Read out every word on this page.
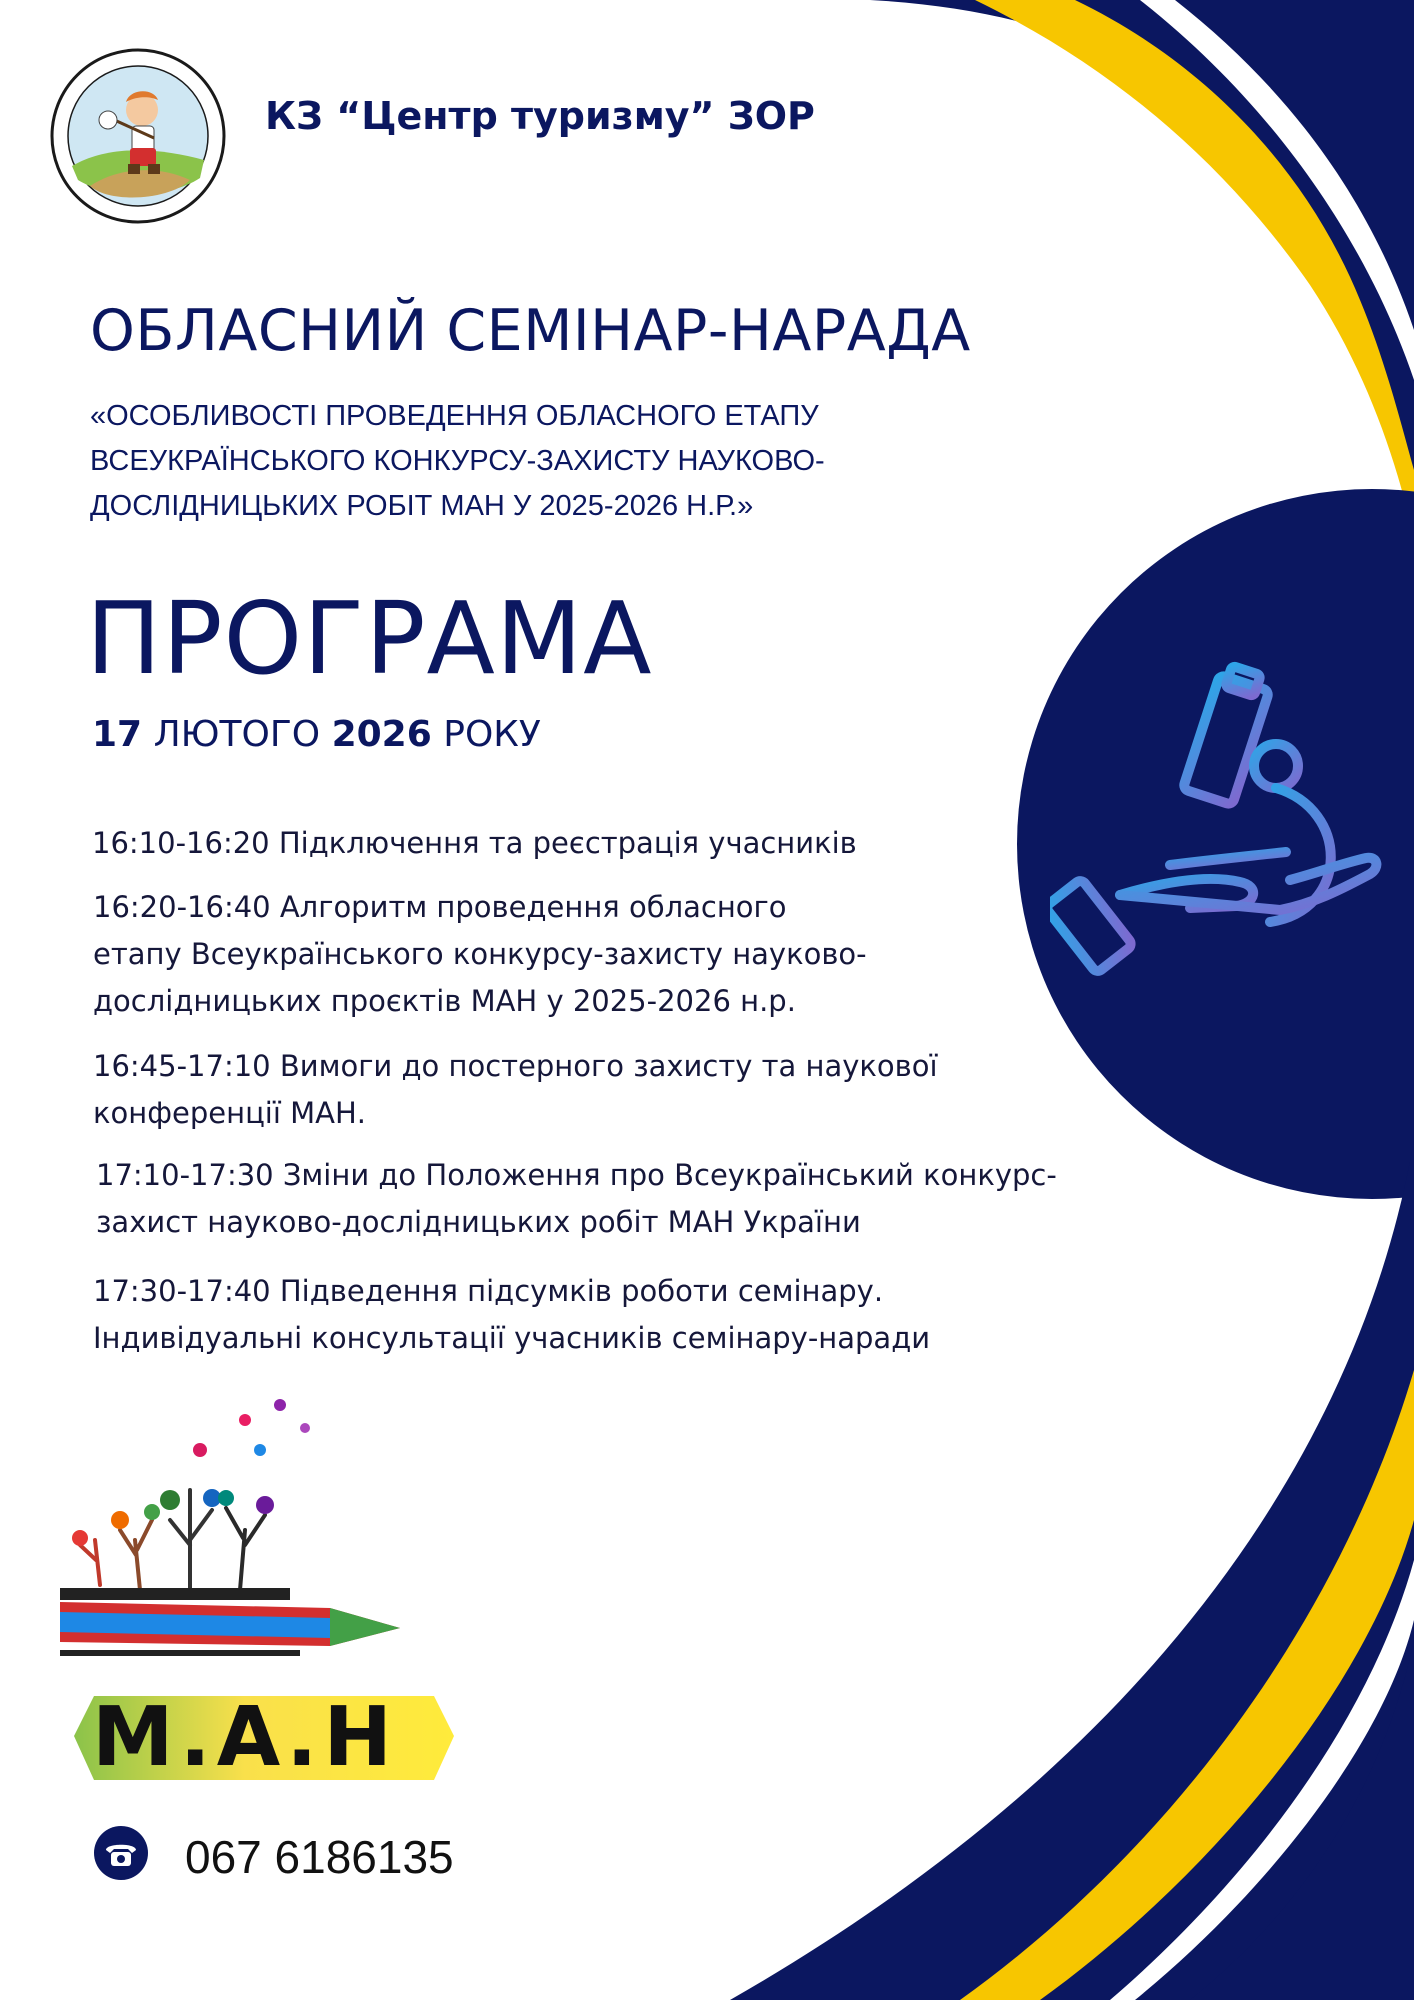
КЗ “Центр туризму” ЗОР
ОБЛАСНИЙ СЕМІНАР-НАРАДА
«ОСОБЛИВОСТІ ПРОВЕДЕННЯ ОБЛАСНОГО ЕТАПУ
ВСЕУКРАЇНСЬКОГО КОНКУРСУ-ЗАХИСТУ НАУКОВО-
ДОСЛІДНИЦЬКИХ РОБІТ МАН У 2025-2026 Н.Р.»
ПРОГРАМА
17 ЛЮТОГО 2026 РОКУ
16:10-16:20 Підключення та реєстрація учасників
16:20-16:40 Алгоритм проведення обласного
етапу Всеукраїнського конкурсу-захисту науково-
дослідницьких проєктів МАН у 2025-2026 н.р.
16:45-17:10 Вимоги до постерного захисту та наукової
конференції МАН.
17:10-17:30 Зміни до Положення про Всеукраїнський конкурс-
захист науково-дослідницьких робіт МАН України
17:30-17:40 Підведення підсумків роботи семінару.
Індивідуальні консультації учасників семінару-наради
М.А.Н
067 6186135
